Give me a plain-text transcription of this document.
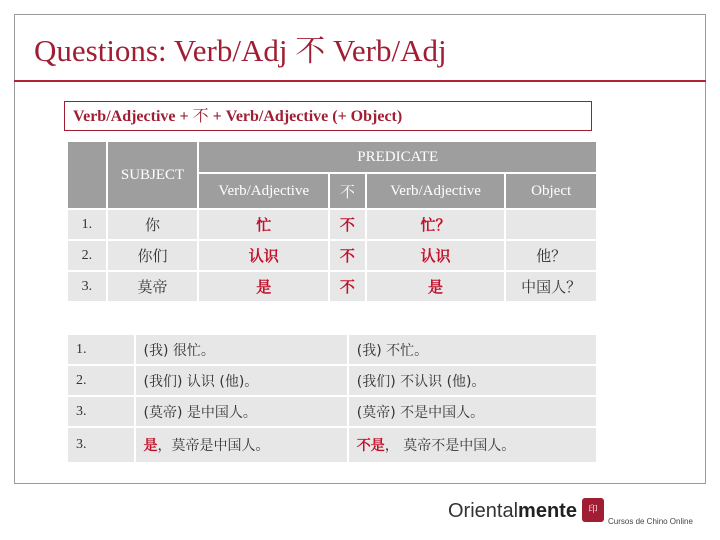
Questions: Verb/Adj 不 Verb/Adj
Verb/Adjective + 不 + Verb/Adjective (+ Object)
	SUBJECT	PREDICATE			
		Verb/Adjective	不	Verb/Adjective	Object
1.	你	忙	不	忙？	
2.	你们	认识	不	认识	他？
3.	莫帝	是	不	是	中国人？
1.	(我) 很忙。	(我) 不忙。
2.	(我们) 认识 (他)。	(我们) 不认识 (他)。
3.	(莫帝) 是中国人。	(莫帝) 不是中国人。
3.	是，莫帝是中国人。	不是， 莫帝不是中国人。
Orientalmente	印
Cursos de Chino Online
